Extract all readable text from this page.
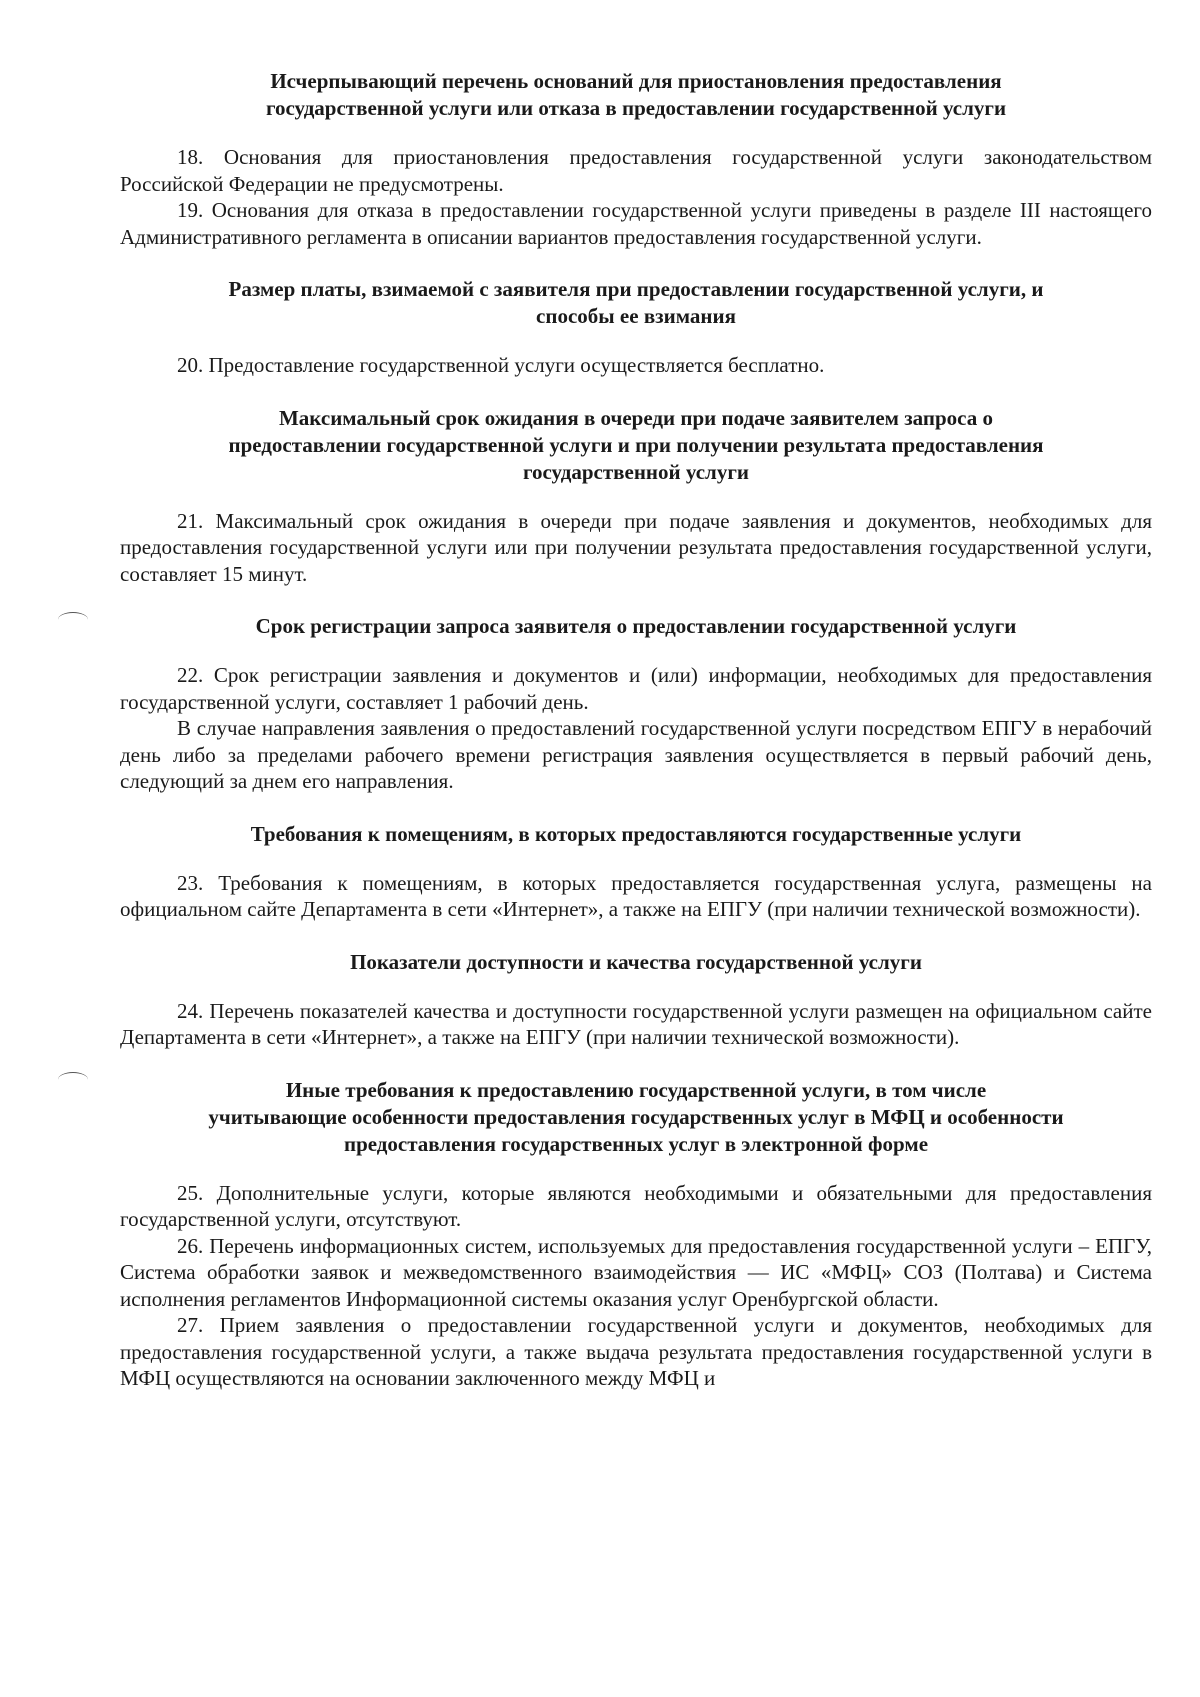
Исчерпывающий перечень оснований для приостановления предоставления
государственной услуги или отказа в предоставлении государственной услуги

18. Основания для приостановления предоставления государственной услуги законодательством Российской Федерации не предусмотрены.

19. Основания для отказа в предоставлении государственной услуги приведены в разделе III настоящего Административного регламента в описании вариантов предоставления государственной услуги.

Размер платы, взимаемой с заявителя при предоставлении государственной услуги, и
способы ее взимания

20. Предоставление государственной услуги осуществляется бесплатно.

Максимальный срок ожидания в очереди при подаче заявителем запроса о
предоставлении государственной услуги и при получении результата предоставления
государственной услуги

21. Максимальный срок ожидания в очереди при подаче заявления и документов, необходимых для предоставления государственной услуги или при получении результата предоставления государственной услуги, составляет 15 минут.

Срок регистрации запроса заявителя о предоставлении государственной услуги

22. Срок регистрации заявления и документов и (или) информации, необходимых для предоставления государственной услуги, составляет 1 рабочий день.

В случае направления заявления о предоставлений государственной услуги посредством ЕПГУ в нерабочий день либо за пределами рабочего времени регистрация заявления осуществляется в первый рабочий день, следующий за днем его направления.

Требования к помещениям, в которых предоставляются государственные услуги

23. Требования к помещениям, в которых предоставляется государственная услуга, размещены на официальном сайте Департамента в сети «Интернет», а также на ЕПГУ (при наличии технической возможности).

Показатели доступности и качества государственной услуги

24. Перечень показателей качества и доступности государственной услуги размещен на официальном сайте Департамента в сети «Интернет», а также на ЕПГУ (при наличии технической возможности).

Иные требования к предоставлению государственной услуги, в том числе
учитывающие особенности предоставления государственных услуг в МФЦ и особенности
предоставления государственных услуг в электронной форме

25. Дополнительные услуги, которые являются необходимыми и обязательными для предоставления государственной услуги, отсутствуют.

26. Перечень информационных систем, используемых для предоставления государственной услуги – ЕПГУ, Система обработки заявок и межведомственного взаимодействия — ИС «МФЦ» СОЗ (Полтава) и Система исполнения регламентов Информационной системы оказания услуг Оренбургской области.

27. Прием заявления о предоставлении государственной услуги и документов, необходимых для предоставления государственной услуги, а также выдача результата предоставления государственной услуги в МФЦ осуществляются на основании заключенного между МФЦ и
